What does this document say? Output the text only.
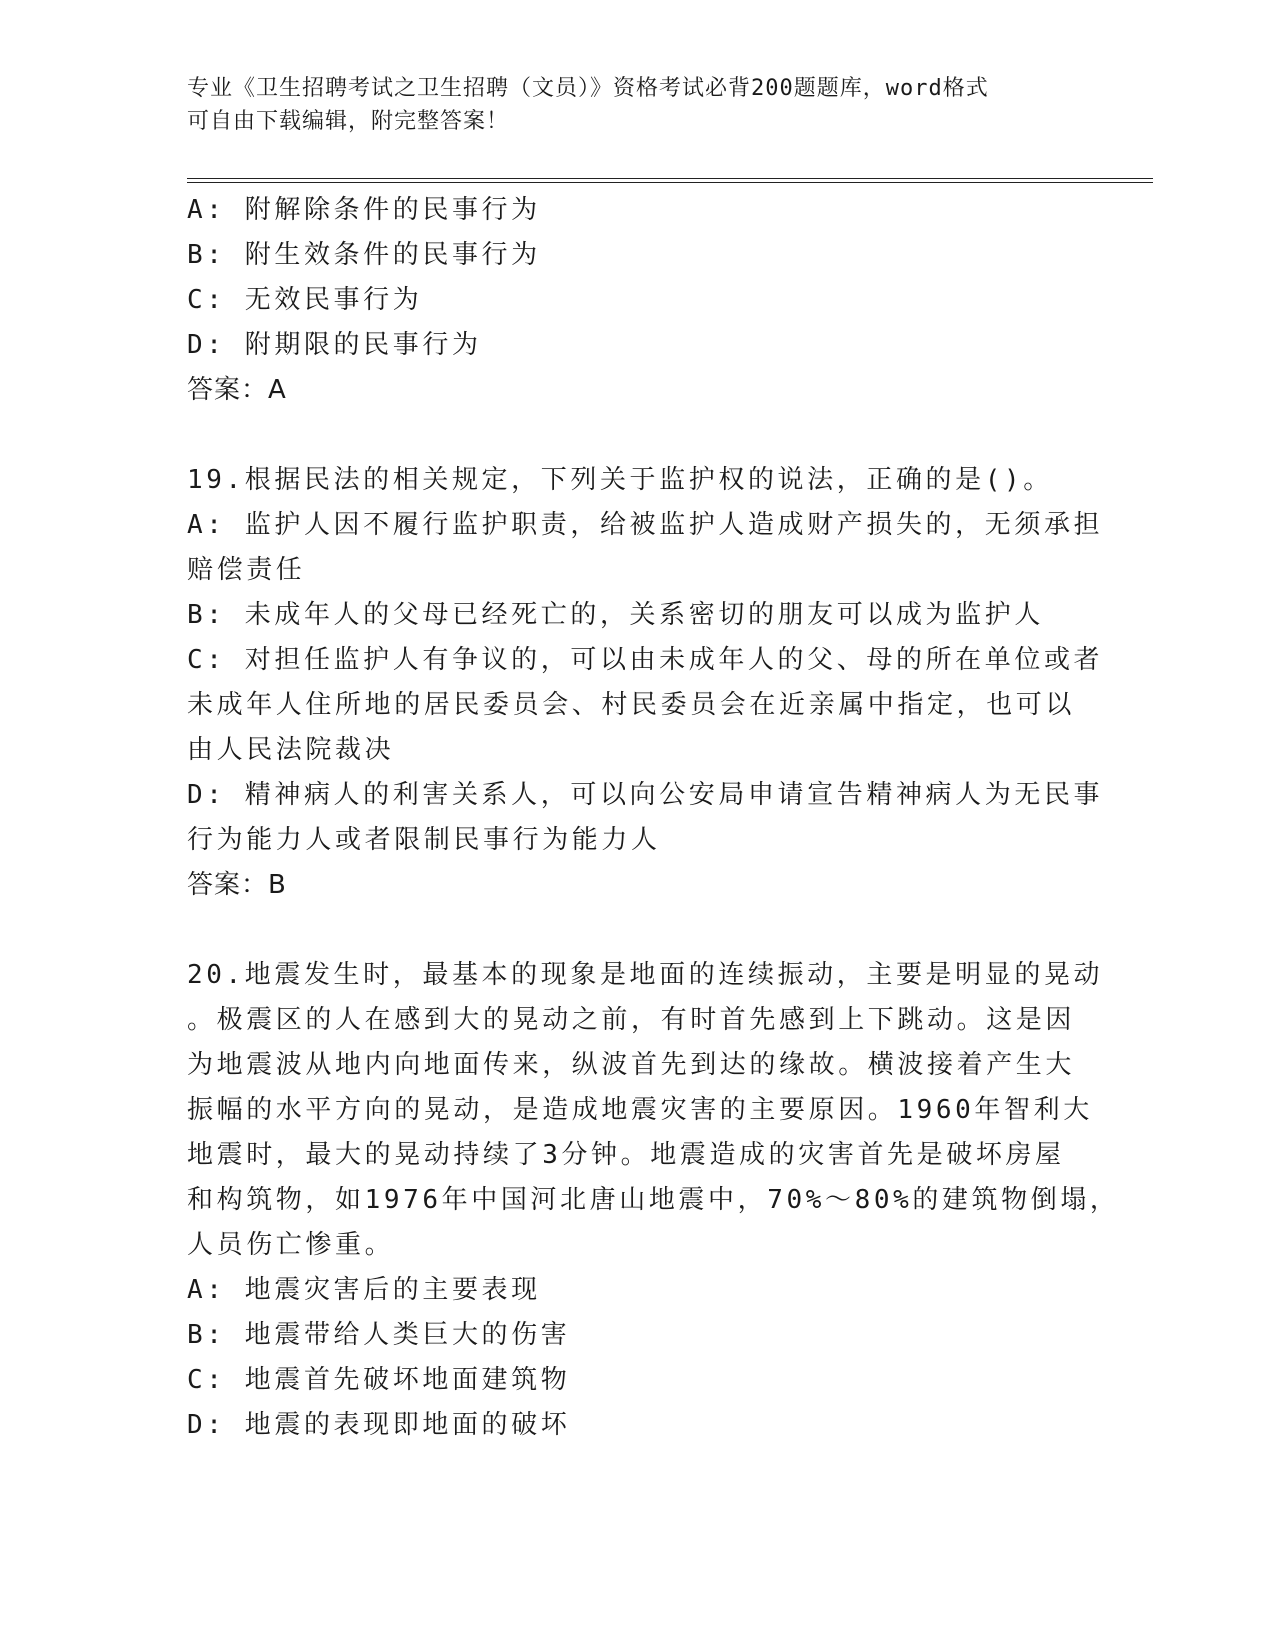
专业《卫生招聘考试之卫生招聘（文员）》资格考试必背200题题库，word格式
可自由下载编辑，附完整答案！
A: 附解除条件的民事行为
B: 附生效条件的民事行为
C: 无效民事行为
D: 附期限的民事行为
答案：A
19.根据民法的相关规定，下列关于监护权的说法，正确的是()。
A: 监护人因不履行监护职责，给被监护人造成财产损失的，无须承担
赔偿责任
B: 未成年人的父母已经死亡的，关系密切的朋友可以成为监护人
C: 对担任监护人有争议的，可以由未成年人的父、母的所在单位或者
未成年人住所地的居民委员会、村民委员会在近亲属中指定，也可以
由人民法院裁决
D: 精神病人的利害关系人，可以向公安局申请宣告精神病人为无民事
行为能力人或者限制民事行为能力人
答案：B
20.地震发生时，最基本的现象是地面的连续振动，主要是明显的晃动
。极震区的人在感到大的晃动之前，有时首先感到上下跳动。这是因
为地震波从地内向地面传来，纵波首先到达的缘故。横波接着产生大
振幅的水平方向的晃动，是造成地震灾害的主要原因。1960年智利大
地震时，最大的晃动持续了3分钟。地震造成的灾害首先是破坏房屋
和构筑物，如1976年中国河北唐山地震中，70%～80%的建筑物倒塌，
人员伤亡惨重。
A: 地震灾害后的主要表现
B: 地震带给人类巨大的伤害
C: 地震首先破坏地面建筑物
D: 地震的表现即地面的破坏
